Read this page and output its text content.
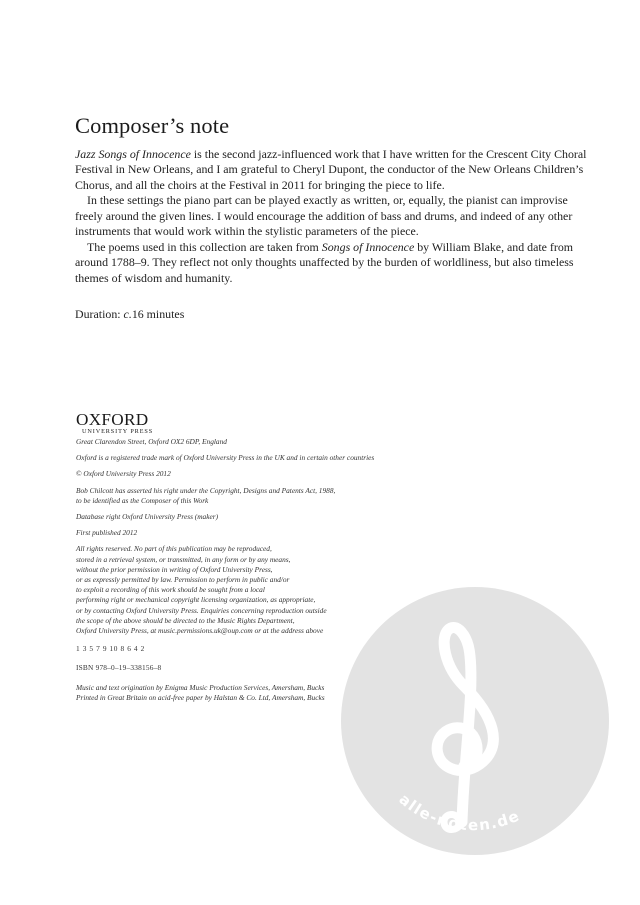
Composer’s note
Jazz Songs of Innocence is the second jazz-influenced work that I have written for the Crescent City Choral
Festival in New Orleans, and I am grateful to Cheryl Dupont, the conductor of the New Orleans Children’s
Chorus, and all the choirs at the Festival in 2011 for bringing the piece to life.
In these settings the piano part can be played exactly as written, or, equally, the pianist can improvise
freely around the given lines. I would encourage the addition of bass and drums, and indeed of any other
instruments that would work within the stylistic parameters of the piece.
The poems used in this collection are taken from Songs of Innocence by William Blake, and date from
around 1788–9. They reflect not only thoughts unaffected by the burden of worldliness, but also timeless
themes of wisdom and humanity.
Duration: c.16 minutes
OXFORD
UNIVERSITY PRESS
Great Clarendon Street, Oxford OX2 6DP, England
Oxford is a registered trade mark of Oxford University Press in the UK and in certain other countries
© Oxford University Press 2012
Bob Chilcott has asserted his right under the Copyright, Designs and Patents Act, 1988,
to be identified as the Composer of this Work
Database right Oxford University Press (maker)
First published 2012
All rights reserved. No part of this publication may be reproduced,
stored in a retrieval system, or transmitted, in any form or by any means,
without the prior permission in writing of Oxford University Press,
or as expressly permitted by law. Permission to perform in public and/or
to exploit a recording of this work should be sought from a local
performing right or mechanical copyright licensing organization, as appropriate,
or by contacting Oxford University Press. Enquiries concerning reproduction outside
the scope of the above should be directed to the Music Rights Department,
Oxford University Press, at music.permissions.uk@oup.com or at the address above
1 3 5 7 9 10 8 6 4 2
ISBN 978–0–19–338156–8
Music and text origination by Enigma Music Production Services, Amersham, Bucks
Printed in Great Britain on acid-free paper by Halstan & Co. Ltd, Amersham, Bucks
alle-noten.de
